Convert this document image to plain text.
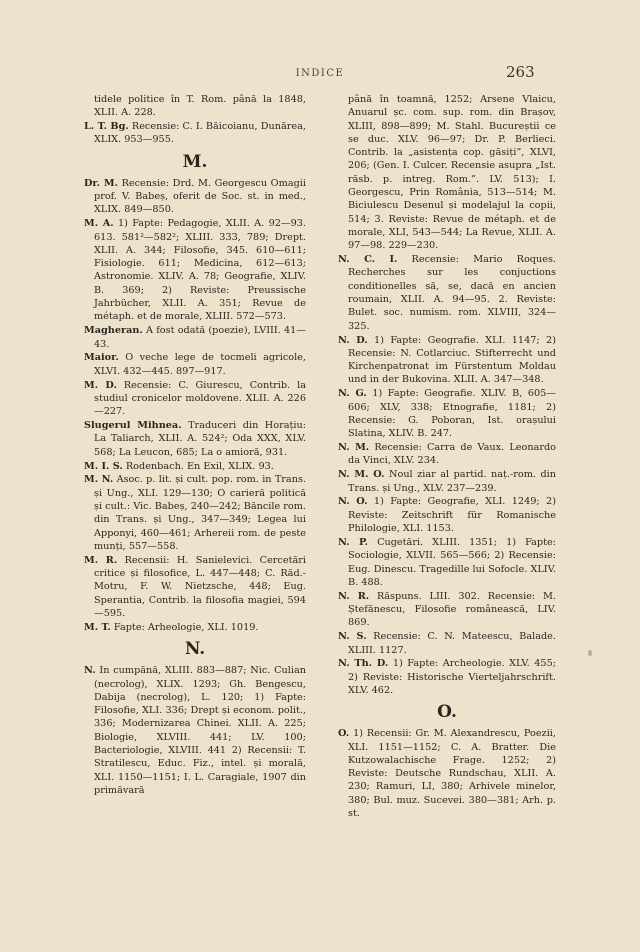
INDICE	263
tidele politice în T. Rom. până la 1848, XLII. A. 228.
L. T. Bg. Recensie: C. I. Băicoianu, Dunărea, XLIX. 953—955.
M.
Dr. M. Recensie: Drd. M. Georgescu Omagii prof. V. Babeș, oferit de Soc. st. in med., XLIX. 849—850.
M. A. 1) Fapte: Pedagogie, XLII. A. 92—93. 613. 581²—582²; XLIII. 333, 789; Drept. XLII. A. 344; Filosofie, 345. 610—611; Fisiologie. 611; Medicina, 612—613; Astronomie. XLIV. A. 78; Geografie, XLIV. B. 369; 2) Reviste: Preussische Jahrbücher, XLII. A. 351; Revue de métaph. et de morale, XLIII. 572—573.
Magheran. A fost odată (poezie), LVIII. 41—43.
Maior. O veche lege de tocmeli agricole, XLVI. 432—445. 897—917.
M. D. Recensie: C. Giurescu, Contrib. la studiul cronicelor moldovene. XLII. A. 226—227.
Slugerul Mihnea. Traduceri din Horațiu: La Taliarch, XLII. A. 524²; Oda XXX, XLV. 568; La Leucon, 685; La o amioră, 931.
M. I. S. Rodenbach. En Exil, XLIX. 93.
M. N. Asoc. p. lit. și cult. pop. rom. in Trans. și Ung., XLI. 129—130; O carieră politică și cult.: Vic. Babeș, 240—242; Băncile rom. din Trans. și Ung., 347—349; Legea lui Apponyi, 460—461; Arhereii rom. de peste munți, 557—558.
M. R. Recensii: H. Sanielevici. Cercetări critice și filosofice, L. 447—448; C. Răd.-Motru, F. W. Nietzsche, 448; Eug. Sperantia, Contrib. la filosofia magiei, 594—595.
M. T. Fapte: Arheologie, XLI. 1019.
N.
N. In cumpănă, XLIII. 883—887; Nic. Culian (necrolog), XLIX. 1293; Gh. Bengescu, Dabija (necrolog), L. 120; 1) Fapte: Filosofie, XLI. 336; Drept și econom. polit., 336; Modernizarea Chinei. XLII. A. 225; Biologie, XLVIII. 441; LV. 100; Bacteriologie, XLVIII. 441 2) Recensii: T. Stratilescu, Educ. Fiz., intel. și morală, XLI. 1150—1151; I. L. Caragiale, 1907 din primăvară
până în toamnă, 1252; Arsene Vlaicu, Anuarul șc. com. sup. rom. din Brașov, XLIII, 898—899; M. Stahl. Bucureștii ce se duc. XLV. 96—97; Dr. P. Berlieci. Contrib. la „asistența cop. găsiți”, XLVI, 206; (Gen. I. Culcer. Recensie asupra „Ist. răsb. p. intreg. Rom.”. LV. 513); I. Georgescu, Prin România, 513—514; M. Biciulescu Desenul și modelajul la copii, 514; 3. Reviste: Revue de métaph. et de morale, XLI, 543—544; La Revue, XLII. A. 97—98. 229—230.
N. C. I. Recensie: Mario Roques. Recherches sur les conjuctions conditionelles să, se, dacă en ancien roumain, XLII. A. 94—95. 2. Reviste: Bulet. soc. numism. rom. XLVIII, 324—325.
N. D. 1) Fapte: Geografie. XLI. 1147; 2) Recensie: N. Cotlarciuc. Stifterrecht und Kirchenpatronat im Fürstentum Moldau und in der Bukovina. XLII. A. 347—348.
N. G. 1) Fapte: Geografie. XLIV. B, 605—606; XLV, 338; Etnografie, 1181; 2) Recensie: G. Poboran, Ist. orașului Slatina, XLIV. B. 247.
N. M. Recensie: Carra de Vaux. Leonardo da Vinci, XLV. 234.
N. M. O. Noul ziar al partid. naț.-rom. din Trans. și Ung., XLV. 237—239.
N. O. 1) Fapte: Geografie, XLI. 1249; 2) Reviste: Zeitschrift für Romanische Philologie, XLI. 1153.
N. P. Cugetări. XLIII. 1351; 1) Fapte: Sociologie, XLVII. 565—566; 2) Recensie: Eug. Dinescu. Tragedille lui Sofocle. XLIV. B. 488.
N. R. Răspuns. LIII. 302. Recensie: M. Ștefănescu, Filosofie românească, LIV. 869.
N. S. Recensie: C. N. Mateescu, Balade. XLIII. 1127.
N. Th. D. 1) Fapte: Archeologie. XLV. 455; 2) Reviste: Historische Vierteljahrschrift. XLV. 462.
O.
O. 1) Recensii: Gr. M. Alexandrescu, Poezii, XLI. 1151—1152; C. A. Bratter. Die Kutzowalachische Frage. 1252; 2) Reviste: Deutsche Rundschau, XLII. A. 230; Ramuri, LI, 380; Arhivele minelor, 380; Bul. muz. Sucevei. 380—381; Arh. p. st.
